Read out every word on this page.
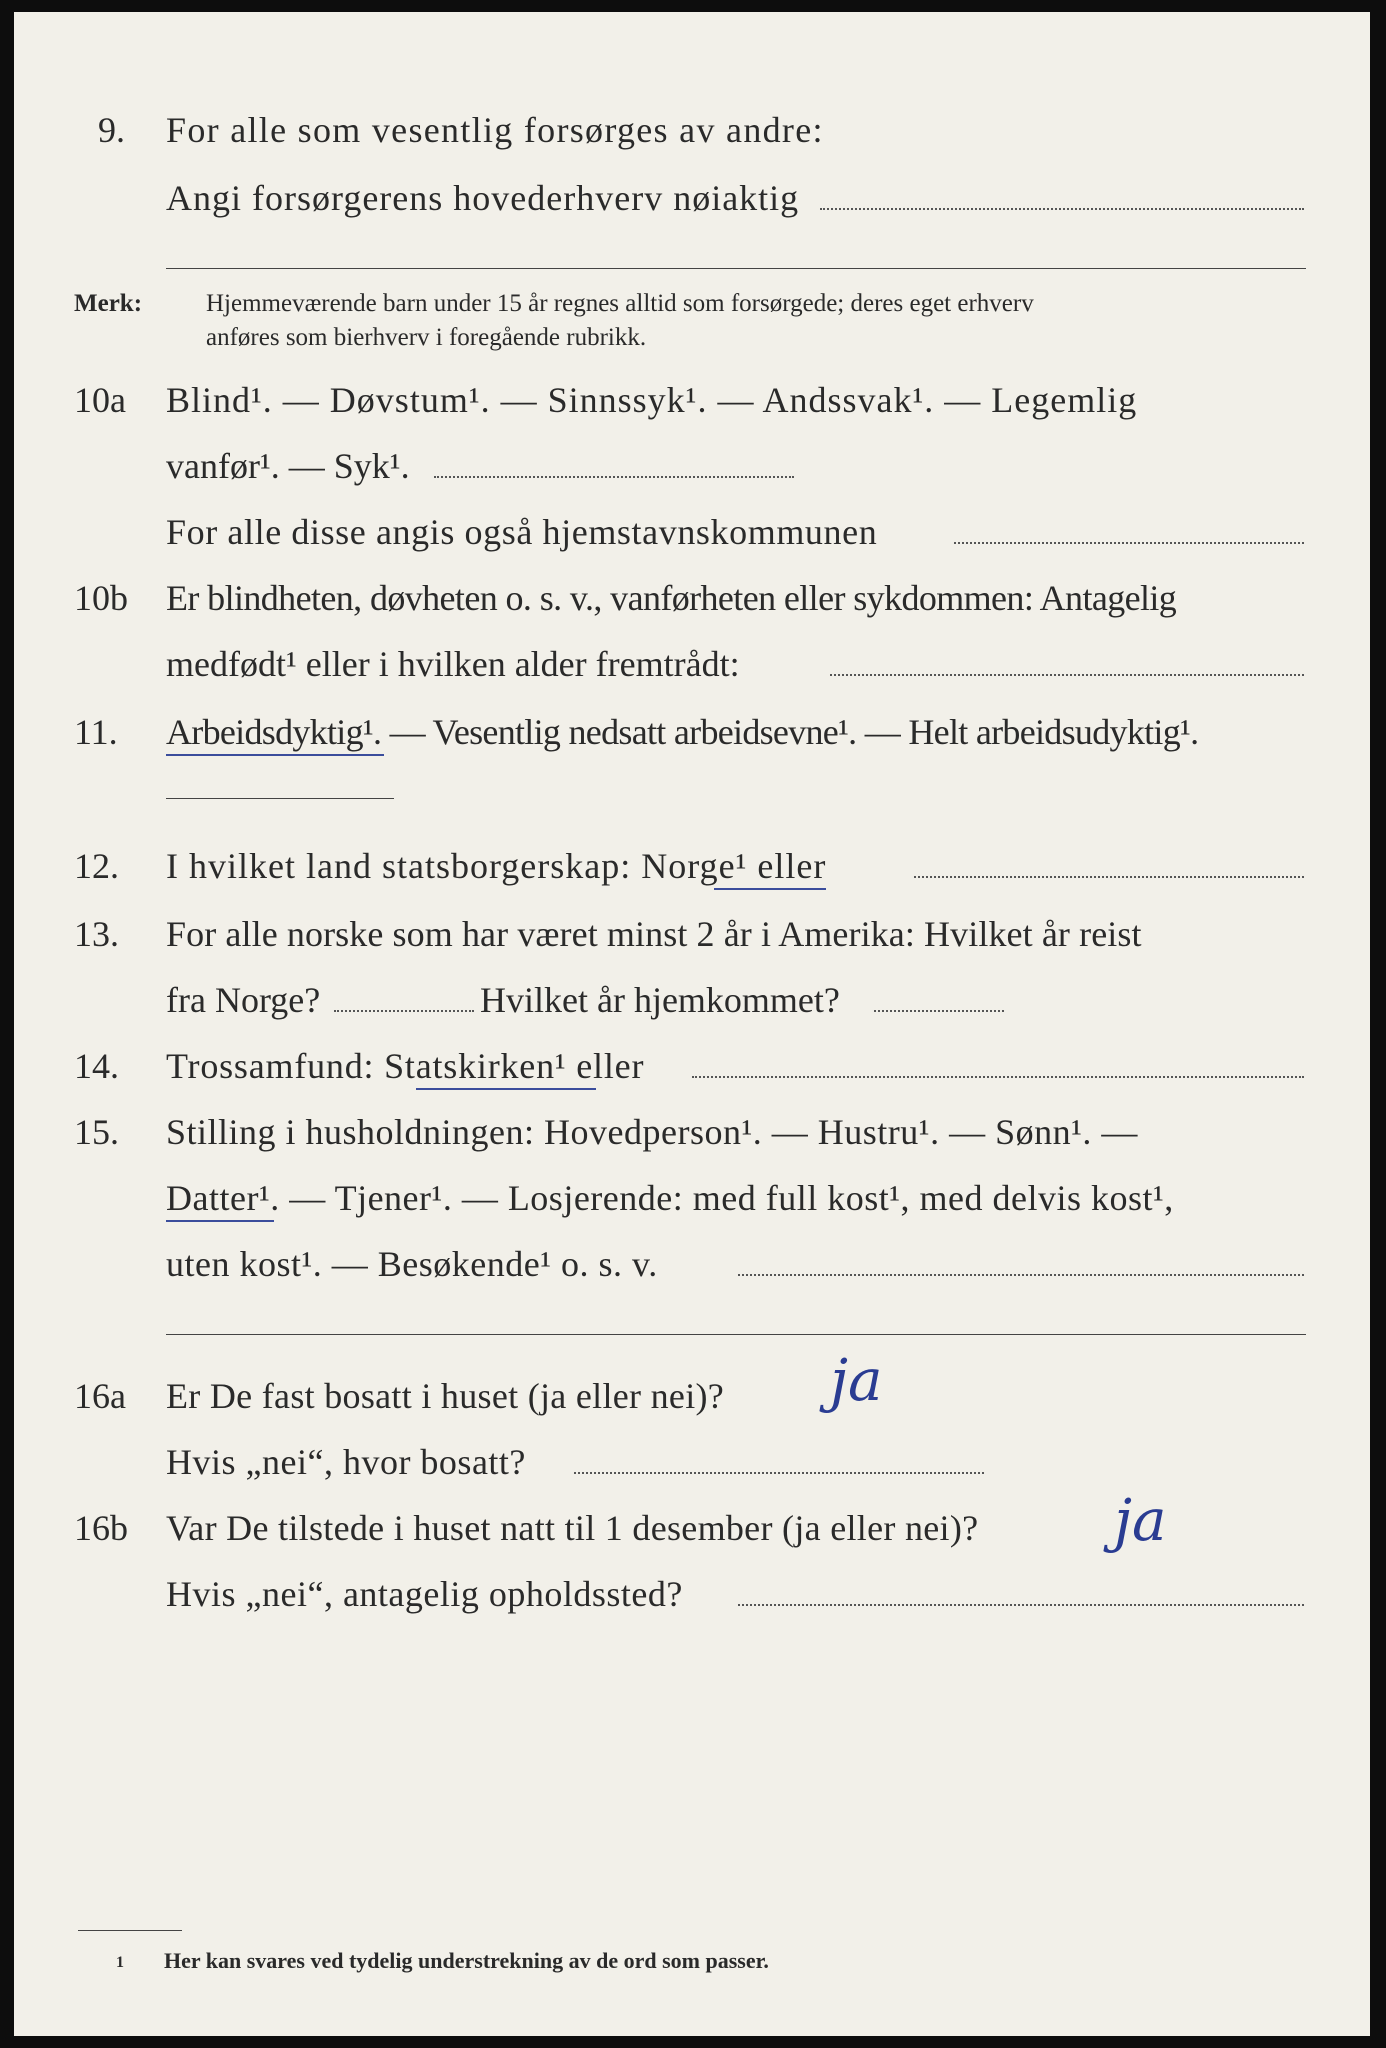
9. For alle som vesentlig forsørges av andre:
Angi forsørgerens hovederhverv nøiaktig
Merk:	Hjemmeværende barn under 15 år regnes alltid som forsørgede; deres eget erhverv
anføres som bierhverv i foregående rubrikk.
10a Blind¹. — Døvstum¹. — Sinnssyk¹. — Andssvak¹. — Legemlig
vanfør¹. — Syk¹.
For alle disse angis også hjemstavnskommunen
10b Er blindheten, døvheten o. s. v., vanførheten eller sykdommen: Antagelig
medfødt¹ eller i hvilken alder fremtrådt:
11. Arbeidsdyktig¹. — Vesentlig nedsatt arbeidsevne¹. — Helt arbeidsudyktig¹.
12. I hvilket land statsborgerskap: Norge¹ eller
13. For alle norske som har været minst 2 år i Amerika: Hvilket år reist
fra Norge?	Hvilket år hjemkommet?
14. Trossamfund: Statskirken¹ eller
15. Stilling i husholdningen: Hovedperson¹. — Hustru¹. — Sønn¹. —
Datter¹. — Tjener¹. — Losjerende: med full kost¹, med delvis kost¹,
uten kost¹. — Besøkende¹ o. s. v.
16a Er De fast bosatt i huset (ja eller nei)? ja
Hvis „nei“, hvor bosatt?
16b Var De tilstede i huset natt til 1 desember (ja eller nei)? ja
Hvis „nei“, antagelig opholdssted?
1 Her kan svares ved tydelig understrekning av de ord som passer.
